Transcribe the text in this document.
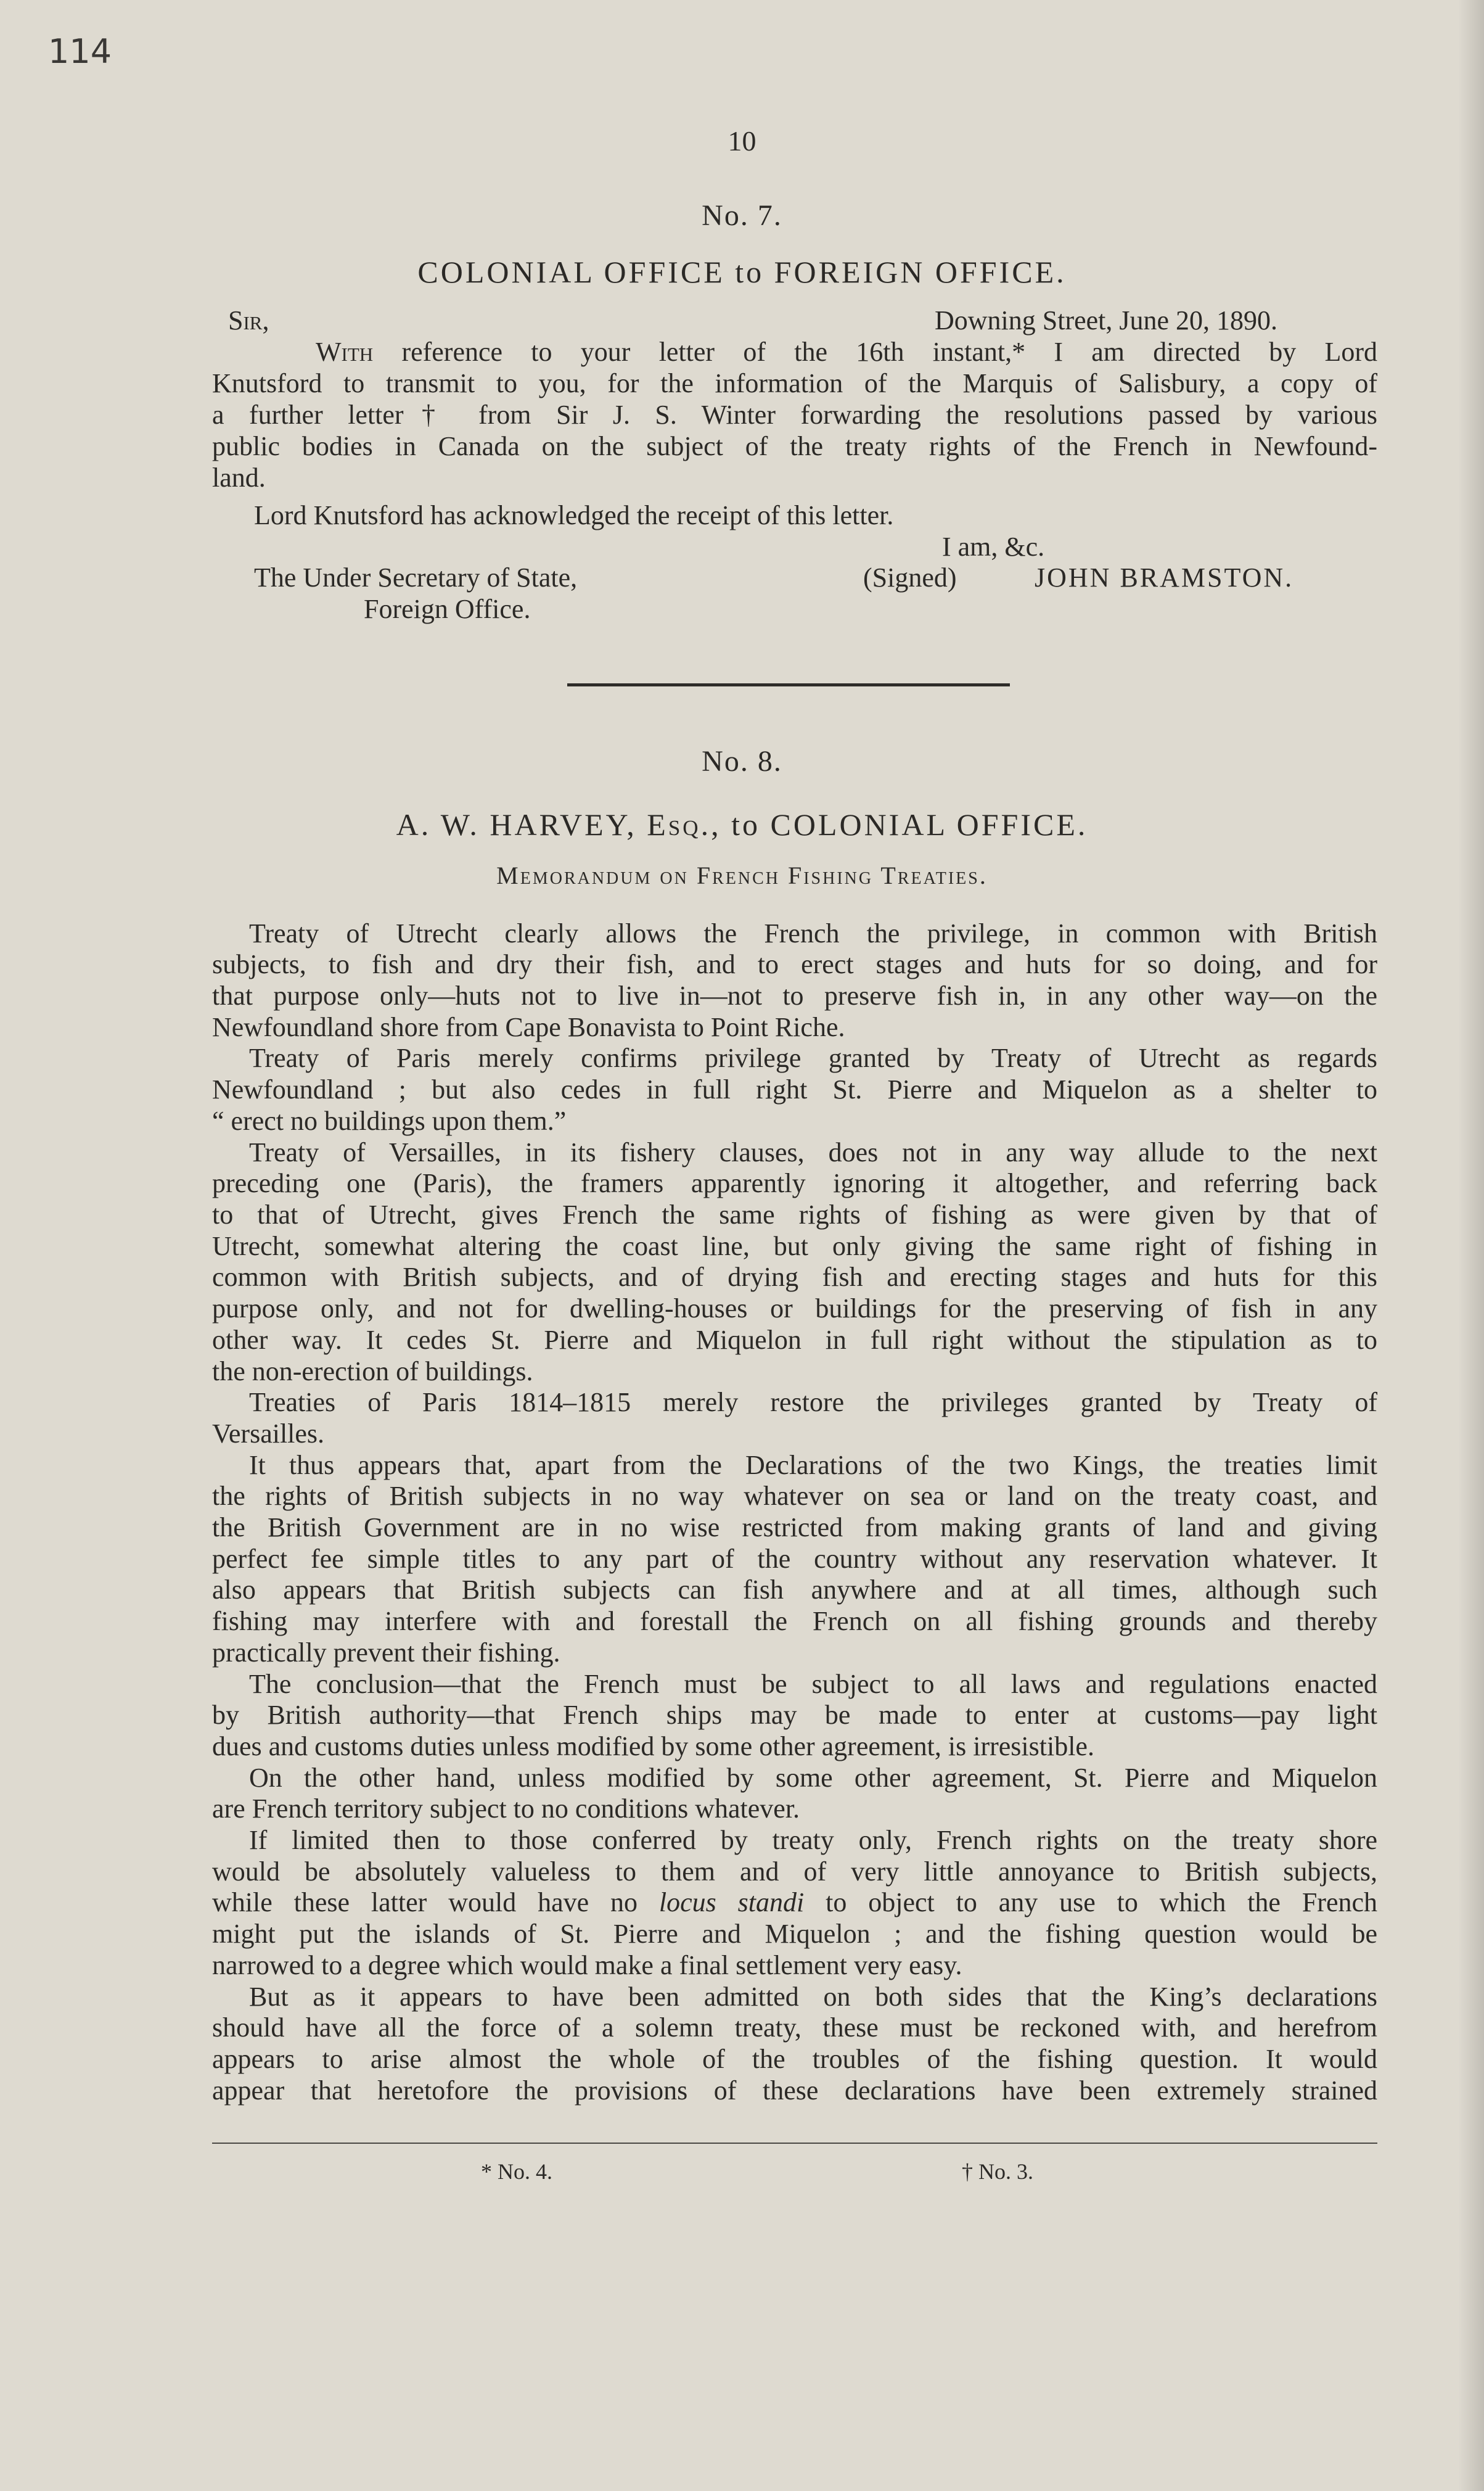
114
10
No. 7.
COLONIAL OFFICE to FOREIGN OFFICE.
Sir,	Downing Street, June 20, 1890.
With reference to your letter of the 16th instant,* I am directed by Lord
Knutsford to transmit to you, for the information of the Marquis of Salisbury, a copy of
a further letter† from Sir J. S. Winter forwarding the resolutions passed by various
public bodies in Canada on the subject of the treaty rights of the French in Newfound-
land.
Lord Knutsford has acknowledged the receipt of this letter.
I am, &c.
The Under Secretary of State,	(Signed)	JOHN BRAMSTON.
Foreign Office.
No. 8.
A. W. HARVEY, Esq., to COLONIAL OFFICE.
Memorandum on French Fishing Treaties.
Treaty of Utrecht clearly allows the French the privilege, in common with British
subjects, to fish and dry their fish, and to erect stages and huts for so doing, and for
that purpose only—huts not to live in—not to preserve fish in, in any other way—on the
Newfoundland shore from Cape Bonavista to Point Riche.
Treaty of Paris merely confirms privilege granted by Treaty of Utrecht as regards
Newfoundland ; but also cedes in full right St. Pierre and Miquelon as a shelter to
“ erect no buildings upon them.”
Treaty of Versailles, in its fishery clauses, does not in any way allude to the next
preceding one (Paris), the framers apparently ignoring it altogether, and referring back
to that of Utrecht, gives French the same rights of fishing as were given by that of
Utrecht, somewhat altering the coast line, but only giving the same right of fishing in
common with British subjects, and of drying fish and erecting stages and huts for this
purpose only, and not for dwelling-houses or buildings for the preserving of fish in any
other way. It cedes St. Pierre and Miquelon in full right without the stipulation as to
the non-erection of buildings.
Treaties of Paris 1814–1815 merely restore the privileges granted by Treaty of
Versailles.
It thus appears that, apart from the Declarations of the two Kings, the treaties limit
the rights of British subjects in no way whatever on sea or land on the treaty coast, and
the British Government are in no wise restricted from making grants of land and giving
perfect fee simple titles to any part of the country without any reservation whatever. It
also appears that British subjects can fish anywhere and at all times, although such
fishing may interfere with and forestall the French on all fishing grounds and thereby
practically prevent their fishing.
The conclusion—that the French must be subject to all laws and regulations enacted
by British authority—that French ships may be made to enter at customs—pay light
dues and customs duties unless modified by some other agreement, is irresistible.
On the other hand, unless modified by some other agreement, St. Pierre and Miquelon
are French territory subject to no conditions whatever.
If limited then to those conferred by treaty only, French rights on the treaty shore
would be absolutely valueless to them and of very little annoyance to British subjects,
while these latter would have no locus standi to object to any use to which the French
might put the islands of St. Pierre and Miquelon ; and the fishing question would be
narrowed to a degree which would make a final settlement very easy.
But as it appears to have been admitted on both sides that the King’s declarations
should have all the force of a solemn treaty, these must be reckoned with, and herefrom
appears to arise almost the whole of the troubles of the fishing question. It would
appear that heretofore the provisions of these declarations have been extremely strained
* No. 4.	† No. 3.
